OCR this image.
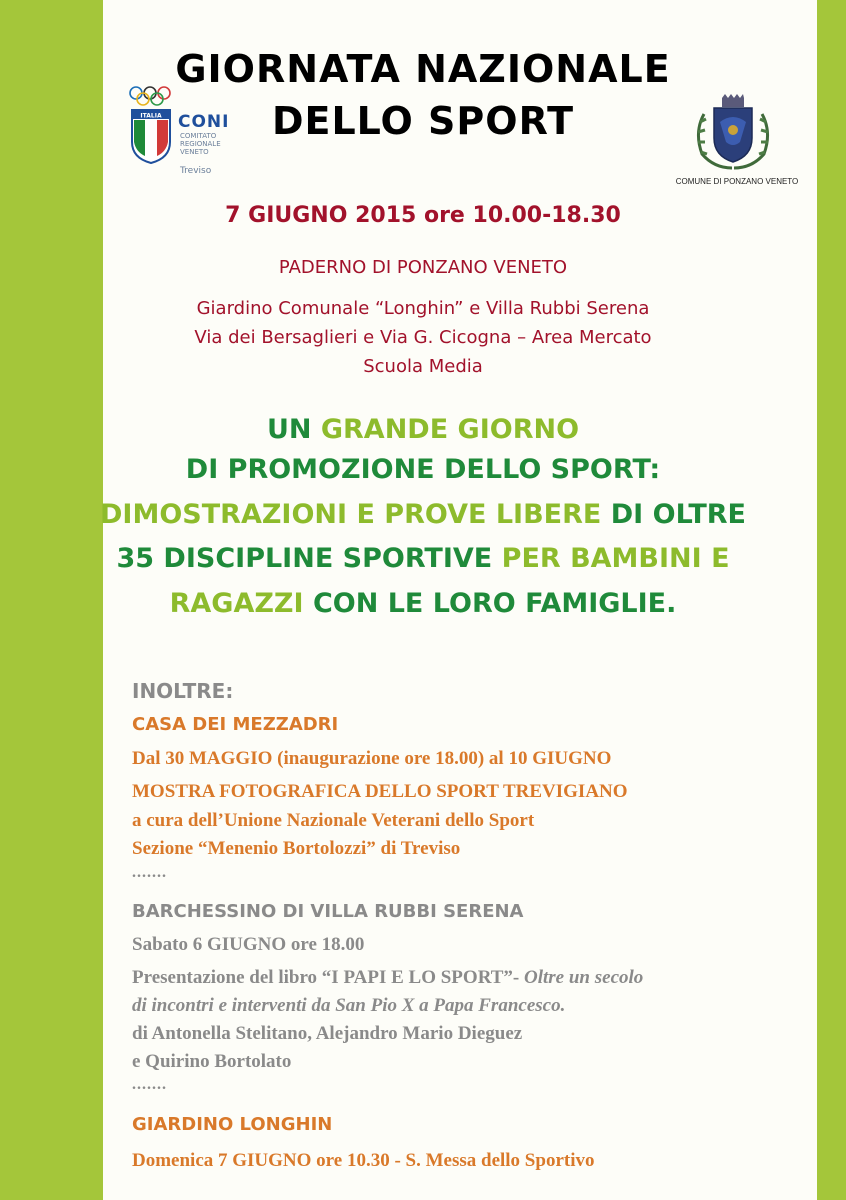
GIORNATA NAZIONALE
DELLO SPORT
ITALIA CONI
COMITATO
REGIONALE
VENETO
Treviso
COMUNE DI PONZANO VENETO
7 GIUGNO 2015 ore 10.00-18.30
PADERNO DI PONZANO VENETO
Giardino Comunale “Longhin” e Villa Rubbi Serena
Via dei Bersaglieri e Via G. Cicogna – Area Mercato
Scuola Media
UN GRANDE GIORNO
DI PROMOZIONE DELLO SPORT:
DIMOSTRAZIONI E PROVE LIBERE DI OLTRE
35 DISCIPLINE SPORTIVE PER BAMBINI E
RAGAZZI CON LE LORO FAMIGLIE.
INOLTRE:
CASA DEI MEZZADRI
Dal 30 MAGGIO (inaugurazione ore 18.00) al 10 GIUGNO
MOSTRA FOTOGRAFICA DELLO SPORT TREVIGIANO
a cura dell’Unione Nazionale Veterani dello Sport
Sezione “Menenio Bortolozzi” di Treviso
.......
BARCHESSINO DI VILLA RUBBI SERENA
Sabato 6 GIUGNO ore 18.00
Presentazione del libro “I PAPI E LO SPORT”- Oltre un secolo
di incontri e interventi da San Pio X a Papa Francesco.
di Antonella Stelitano, Alejandro Mario Dieguez
e Quirino Bortolato
.......
GIARDINO LONGHIN
Domenica 7 GIUGNO ore 10.30 - S. Messa dello Sportivo
